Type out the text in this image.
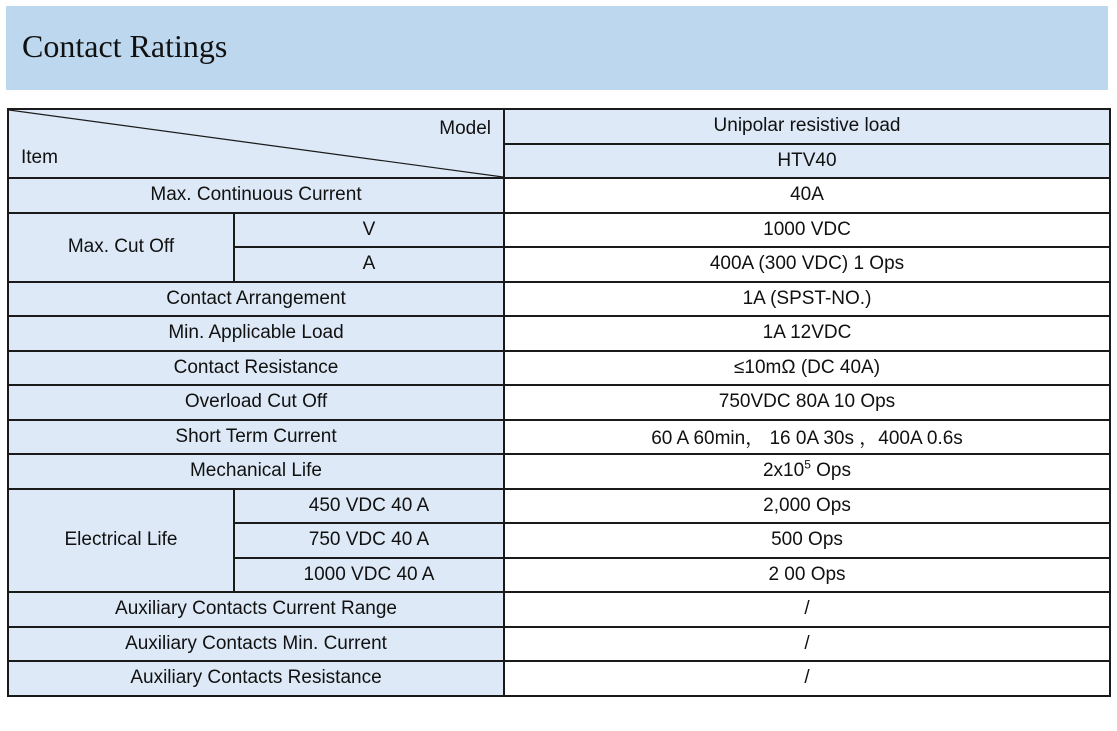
Contact Ratings
Model
Item		Unipolar resistive load
		HTV40
Max. Continuous Current		40A
Max. Cut Off	V	1000 VDC
	A	400A (300 VDC) 1 Ops
Contact Arrangement		1A (SPST-NO.)
Min. Applicable Load		1A 12VDC
Contact Resistance		≤10mΩ (DC 40A)
Overload Cut Off		750VDC 80A 10 Ops
Short Term Current		60 A 60min， 16 0A 30s ，400A 0.6s
Mechanical Life		$2x10^5$ Ops
Electrical Life	450 VDC 40 A	2,000 Ops
	750 VDC 40 A	500 Ops
	1000 VDC 40 A	2 00 Ops
Auxiliary Contacts Current Range		/
Auxiliary Contacts Min. Current		/
Auxiliary Contacts Resistance		/
